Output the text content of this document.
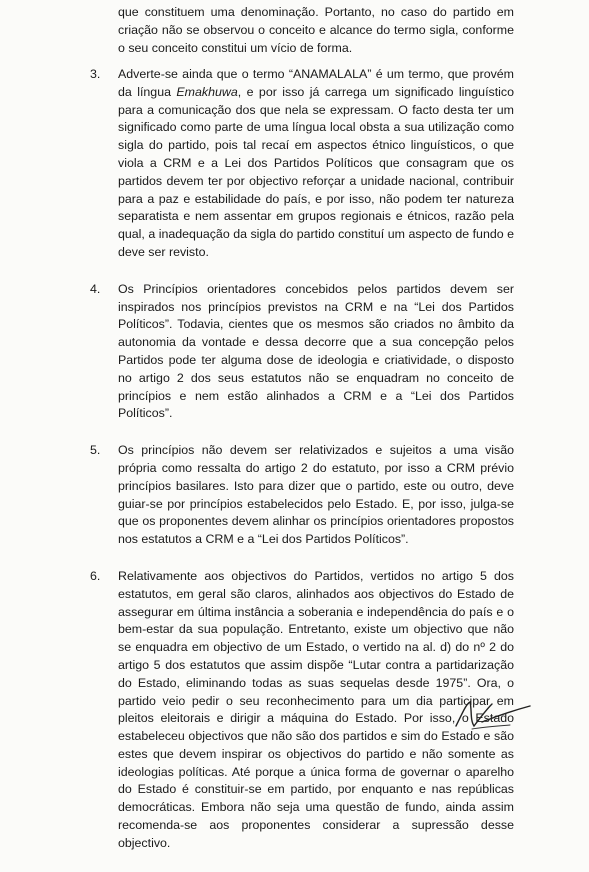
que constituem uma denominação. Portanto, no caso do partido em criação não se observou o conceito e alcance do termo sigla, conforme o seu conceito constitui um vício de forma.

3.	Adverte-se ainda que o termo “ANAMALALA” é um termo, que provém da língua Emakhuwa, e por isso já carrega um significado linguístico para a comunicação dos que nela se expressam. O facto desta ter um significado como parte de uma língua local obsta a sua utilização como sigla do partido, pois tal recaí em aspectos étnico linguísticos, o que viola a CRM e a Lei dos Partidos Políticos que consagram que os partidos devem ter por objectivo reforçar a unidade nacional, contribuir para a paz e estabilidade do país, e por isso, não podem ter natureza separatista e nem assentar em grupos regionais e étnicos, razão pela qual, a inadequação da sigla do partido constituí um aspecto de fundo e deve ser revisto.

4.	Os Princípios orientadores concebidos pelos partidos devem ser inspirados nos princípios previstos na CRM e na “Lei dos Partidos Políticos”. Todavia, cientes que os mesmos são criados no âmbito da autonomia da vontade e dessa decorre que a sua concepção pelos Partidos pode ter alguma dose de ideologia e criatividade, o disposto no artigo 2 dos seus estatutos não se enquadram no conceito de princípios e nem estão alinhados a CRM e a “Lei dos Partidos Políticos”.

5.	Os princípios não devem ser relativizados e sujeitos a uma visão própria como ressalta do artigo 2 do estatuto, por isso a CRM prévio princípios basilares. Isto para dizer que o partido, este ou outro, deve guiar-se por princípios estabelecidos pelo Estado. E, por isso, julga-se que os proponentes devem alinhar os princípios orientadores propostos nos estatutos a CRM e a “Lei dos Partidos Políticos”.

6.	Relativamente aos objectivos do Partidos, vertidos no artigo 5 dos estatutos, em geral são claros, alinhados aos objectivos do Estado de assegurar em última instância a soberania e independência do país e o bem-estar da sua população. Entretanto, existe um objectivo que não se enquadra em objectivo de um Estado, o vertido na al. d) do nº 2 do artigo 5 dos estatutos que assim dispõe “Lutar contra a partidarização do Estado, eliminando todas as suas sequelas desde 1975”. Ora, o partido veio pedir o seu reconhecimento para um dia participar em pleitos eleitorais e dirigir a máquina do Estado. Por isso, o Estado estabeleceu objectivos que não são dos partidos e sim do Estado e são estes que devem inspirar os objectivos do partido e não somente as ideologias políticas. Até porque a única forma de governar o aparelho do Estado é constituir-se em partido, por enquanto e nas repúblicas democráticas. Embora não seja uma questão de fundo, ainda assim recomenda-se aos proponentes considerar a supressão desse objectivo.
